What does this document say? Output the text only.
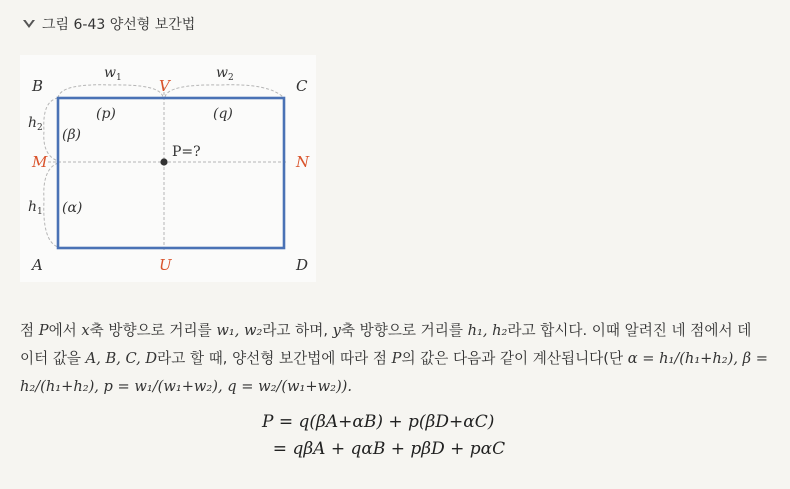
그림 6-43 양선형 보간법
B	C
A	D
V
U
M	N
$w_1$	$w_2$
$h_2$
$h_1$
(p)	(q)
(β)
(α)
P=?
점 P에서 x축 방향으로 거리를 w₁, w₂라고 하며, y축 방향으로 거리를 h₁, h₂라고 합시다. 이때 알려진 네 점에서 데
이터 값을 A, B, C, D라고 할 때, 양선형 보간법에 따라 점 P의 값은 다음과 같이 계산됩니다(단 α = h₁/(h₁+h₂), β =
h₂/(h₁+h₂), p = w₁/(w₁+w₂), q = w₂/(w₁+w₂)).
P = q(βA+αB) + p(βD+αC)
= qβA + qαB + pβD + pαC
